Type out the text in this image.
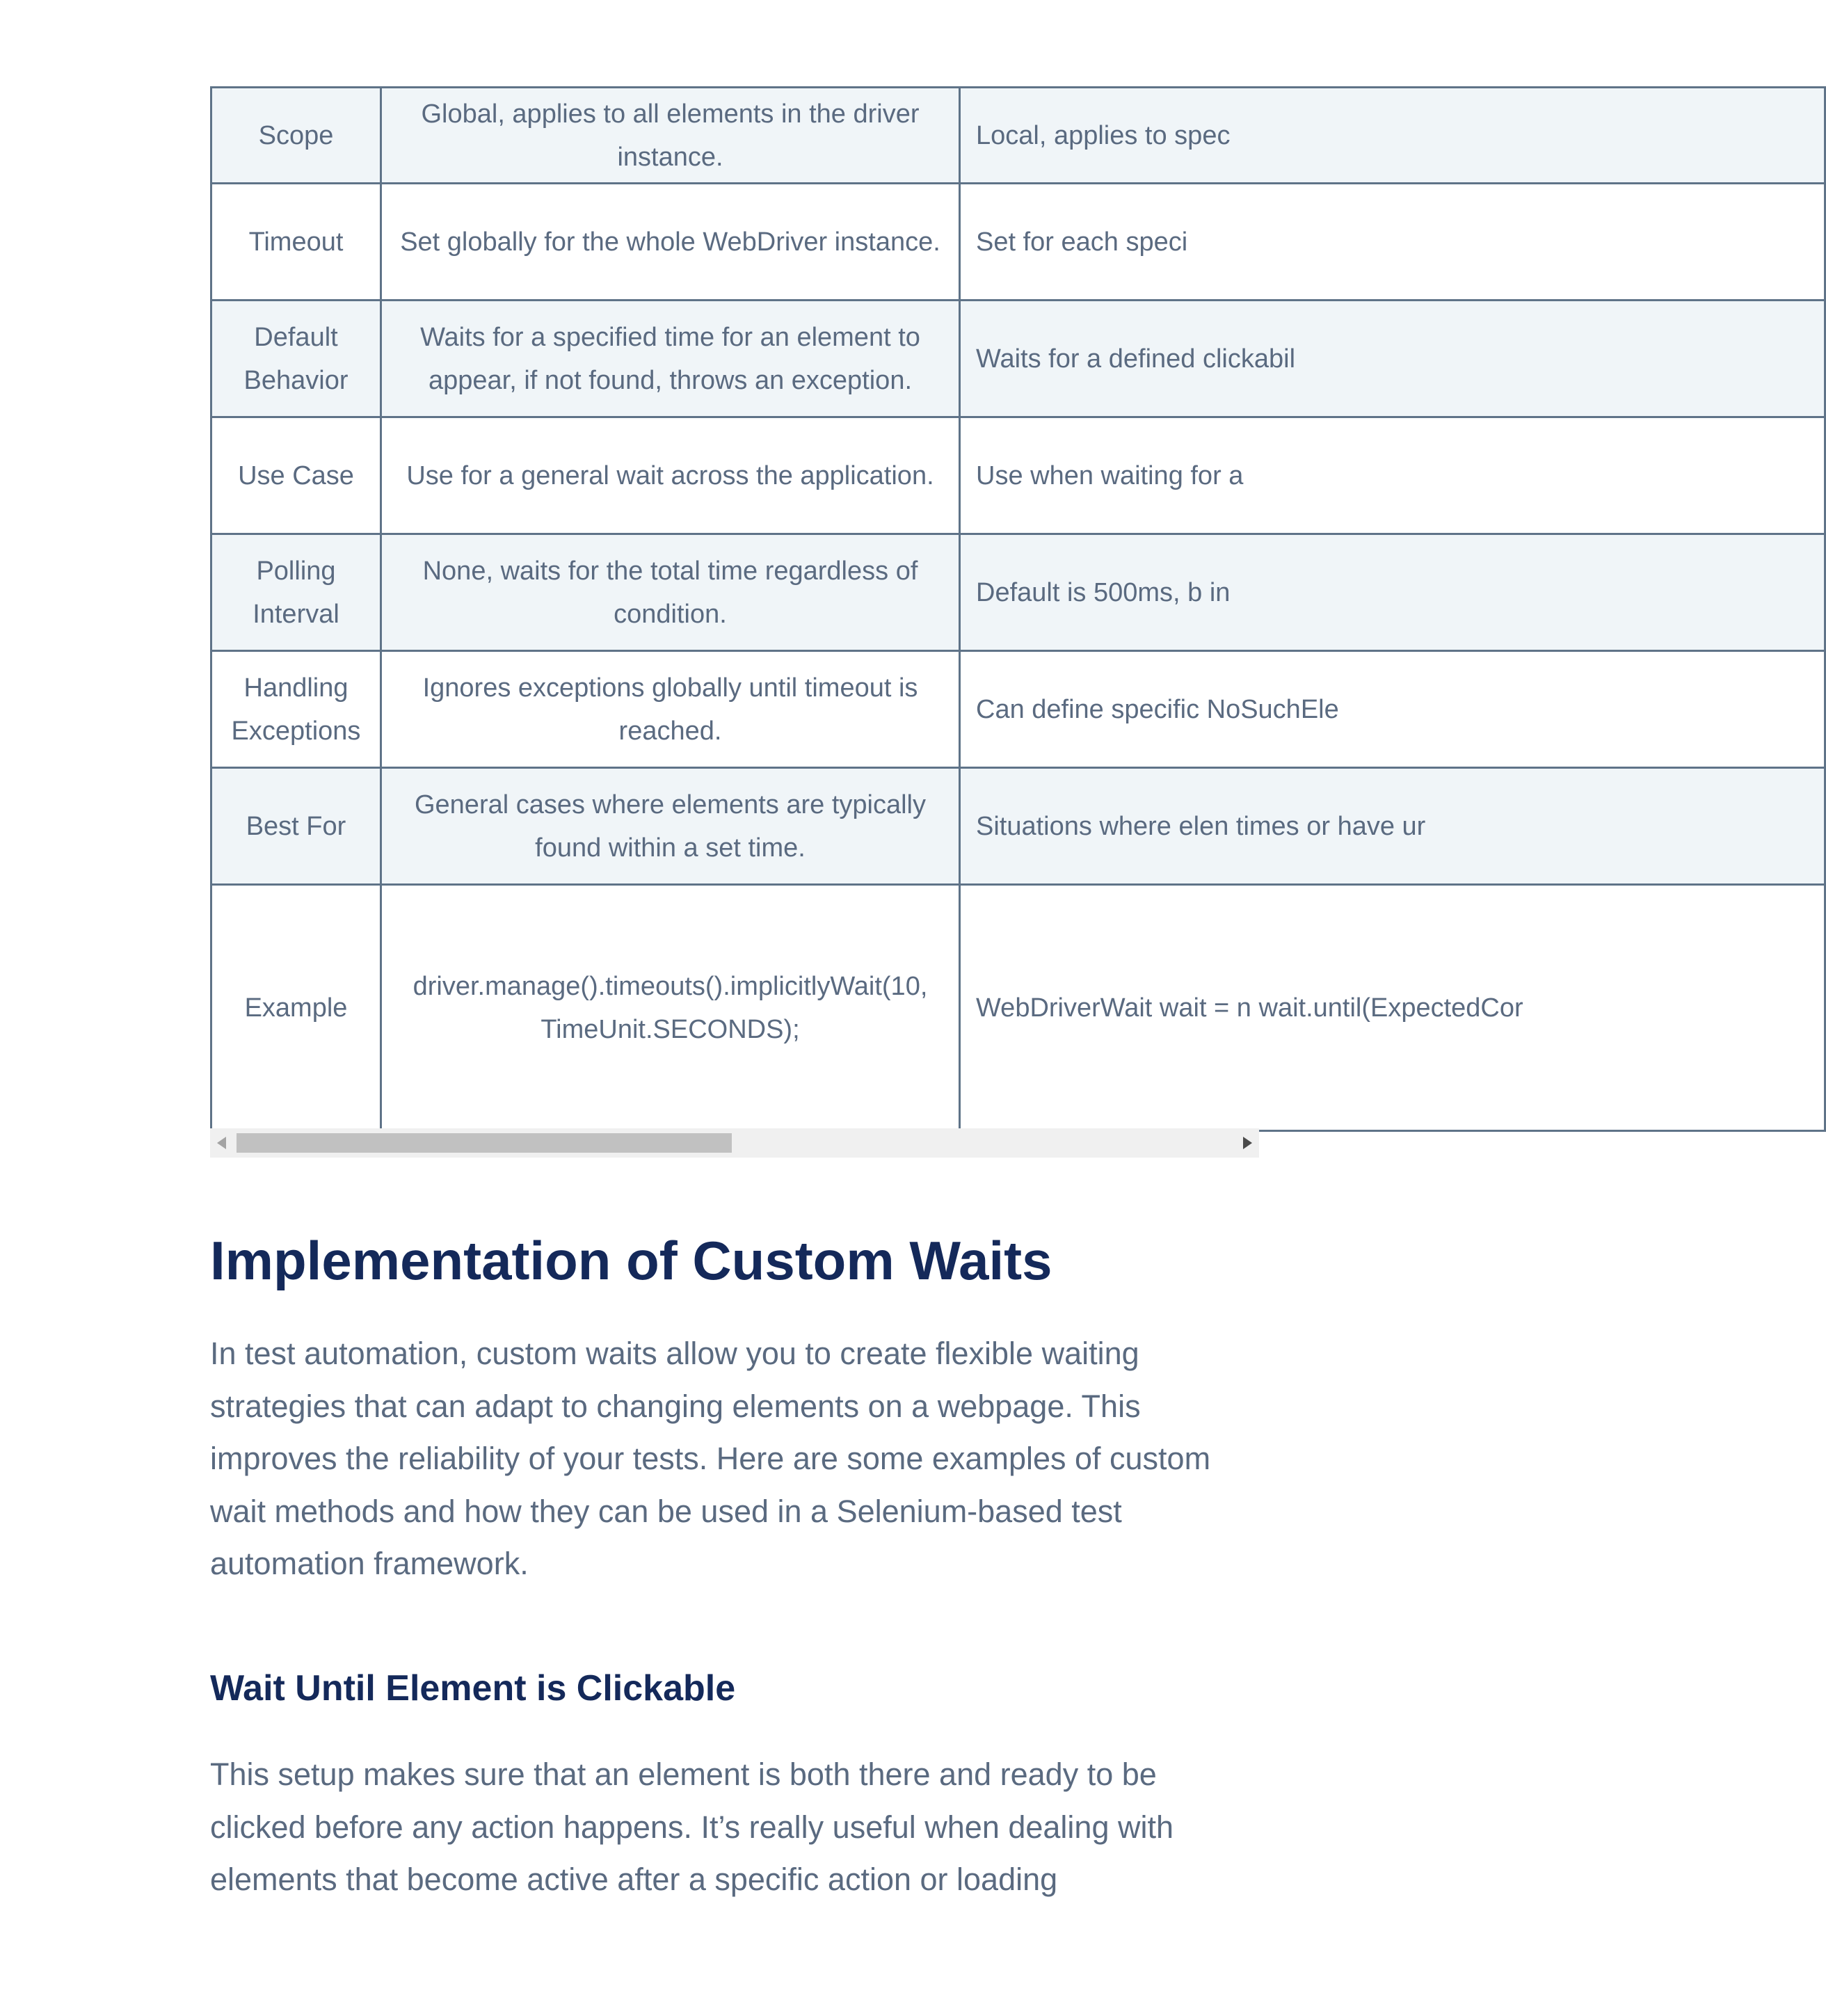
Scope	Global, applies to all elements in the driver instance.	Local, applies to spec
Timeout	Set globally for the whole WebDriver instance.	Set for each speci
Default Behavior	Waits for a specified time for an element to appear, if not found, throws an exception.	Waits for a defined clickabil
Use Case	Use for a general wait across the application.	Use when waiting for a
Polling Interval	None, waits for the total time regardless of condition.	Default is 500ms, b in
Handling Exceptions	Ignores exceptions globally until timeout is reached.	Can define specific NoSuchEle
Best For	General cases where elements are typically found within a set time.	Situations where elen times or have ur
Example	driver.manage().timeouts().implicitlyWait(10, TimeUnit.SECONDS);	WebDriverWait wait = n wait.until(ExpectedCor
Implementation of Custom Waits

In test automation, custom waits allow you to create flexible waiting strategies that can adapt to changing elements on a webpage. This improves the reliability of your tests. Here are some examples of custom wait methods and how they can be used in a Selenium-based test automation framework.

Wait Until Element is Clickable

This setup makes sure that an element is both there and ready to be clicked before any action happens. It’s really useful when dealing with elements that become active after a specific action or loading
